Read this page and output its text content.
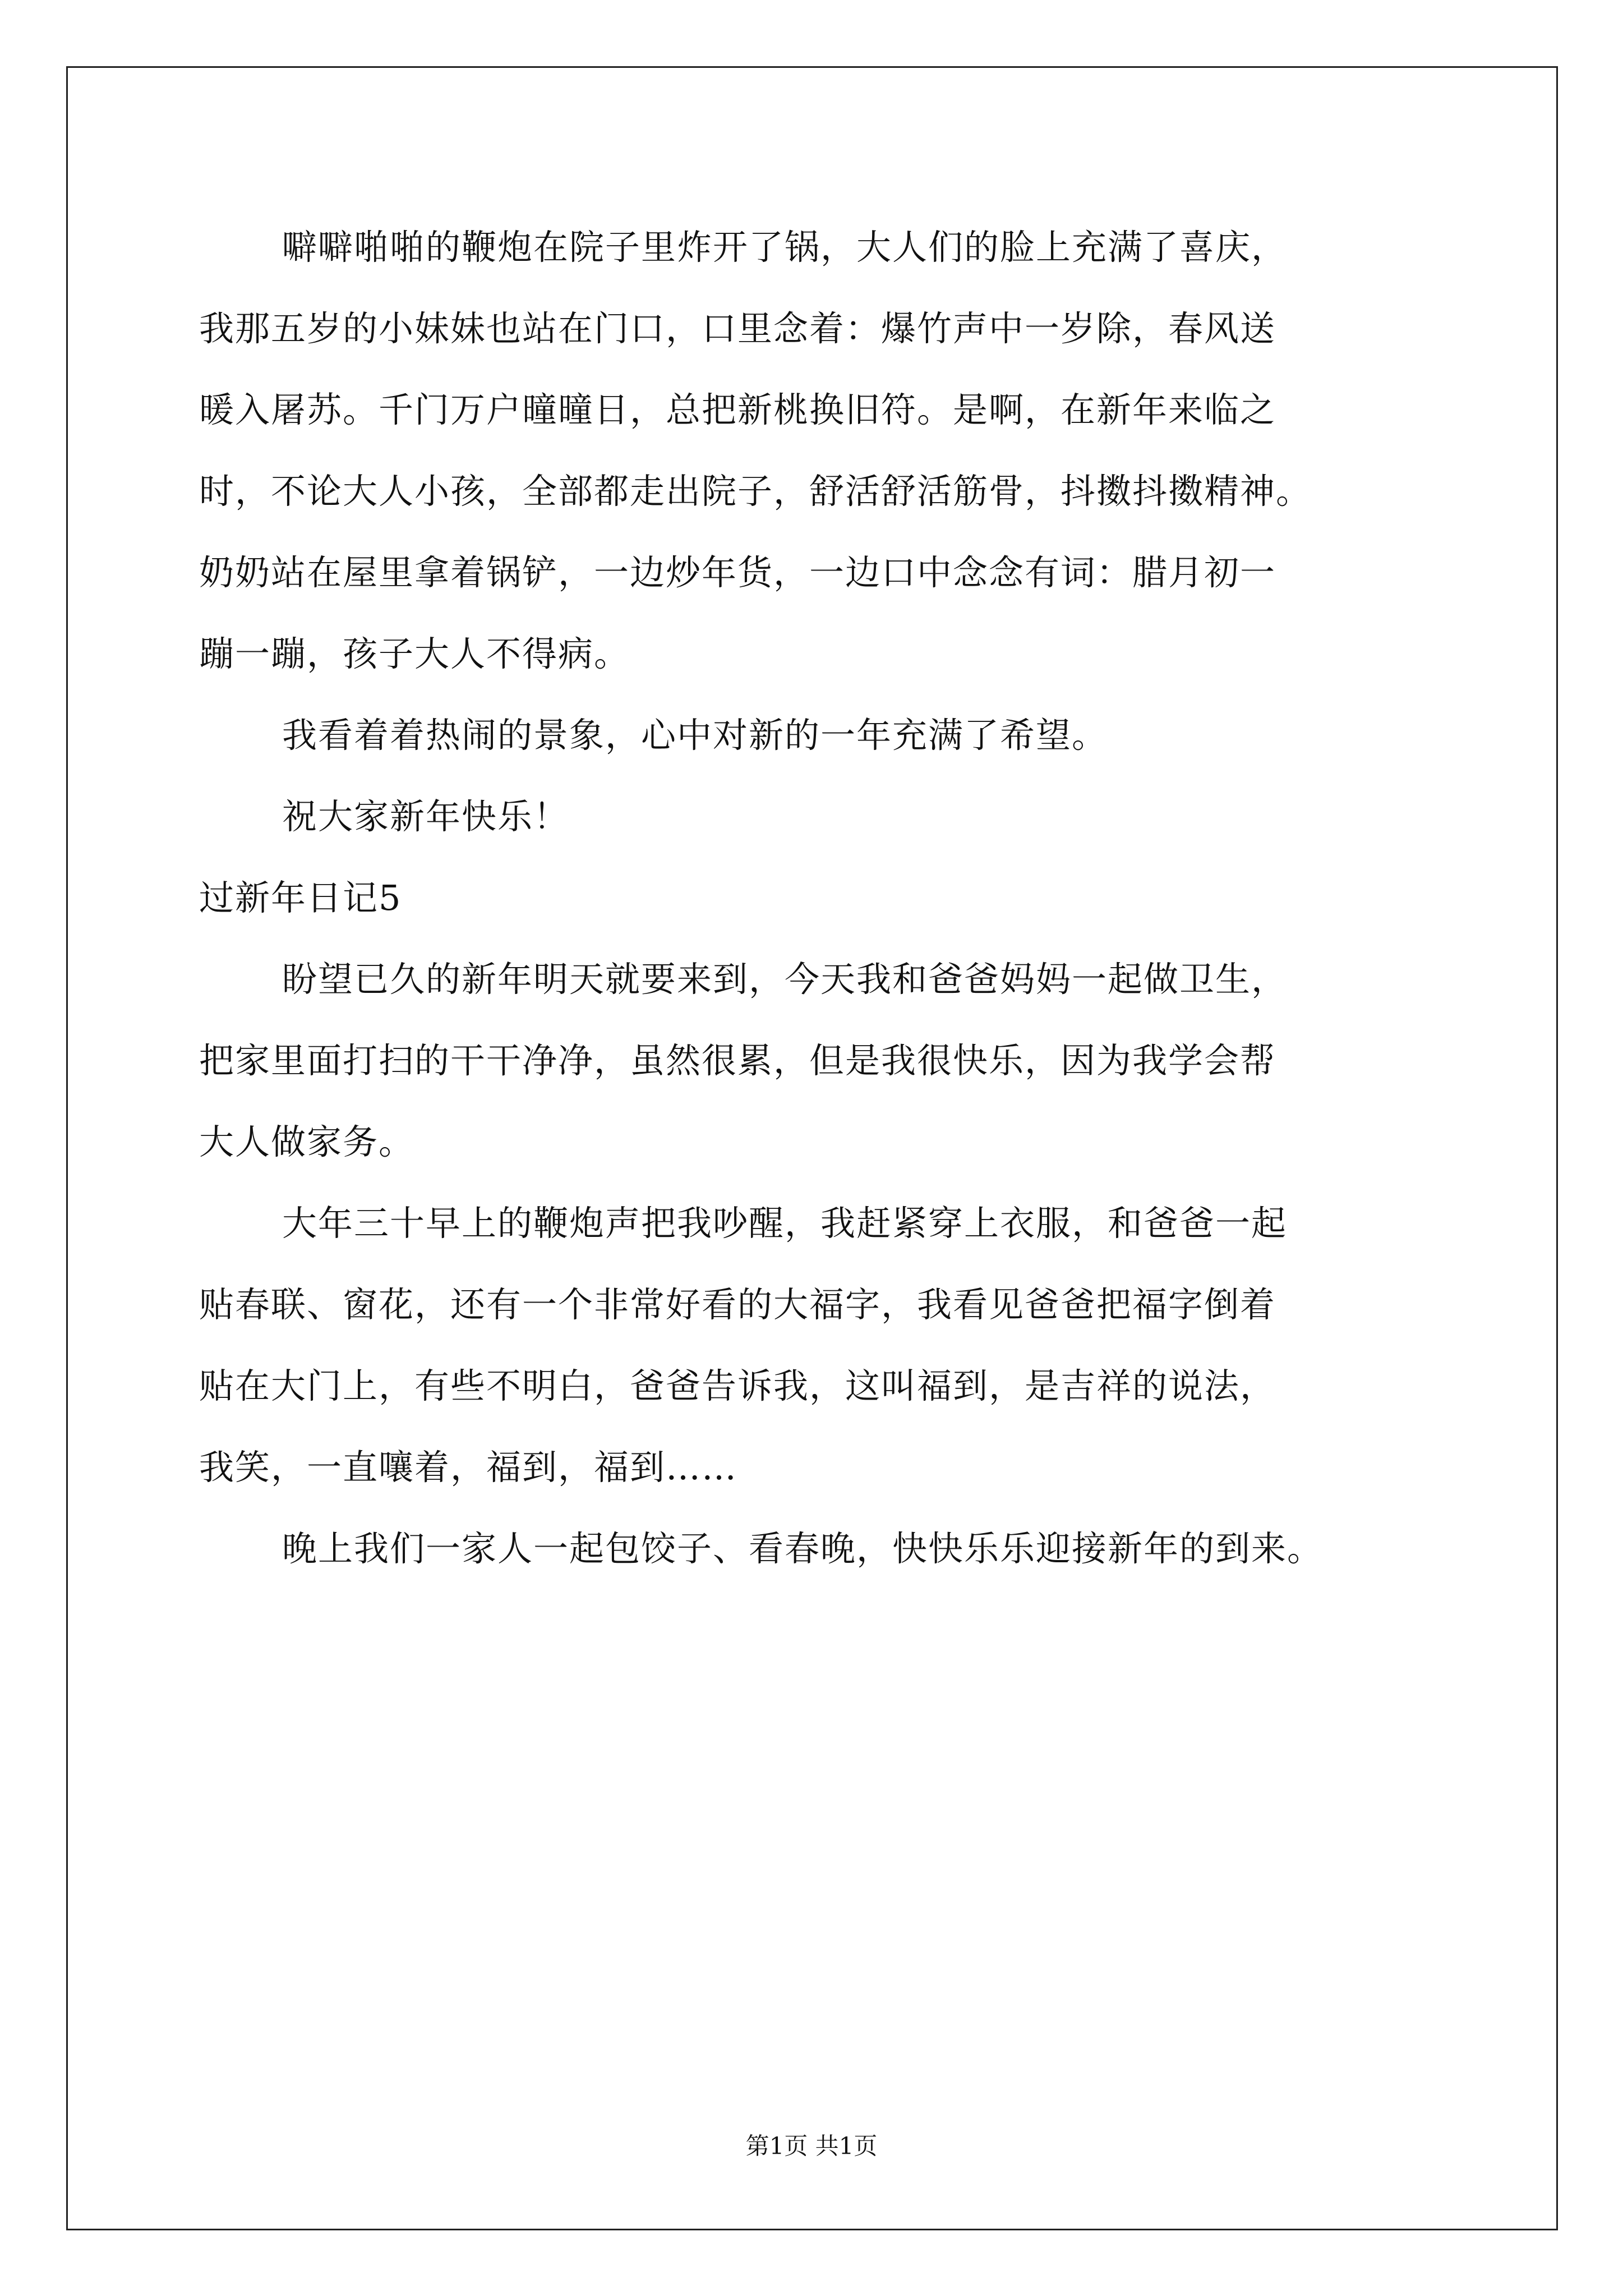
噼噼啪啪的鞭炮在院子里炸开了锅，大人们的脸上充满了喜庆，
我那五岁的小妹妹也站在门口，口里念着：爆竹声中一岁除，春风送
暖入屠苏。千门万户曈曈日，总把新桃换旧符。是啊，在新年来临之
时，不论大人小孩，全部都走出院子，舒活舒活筋骨，抖擞抖擞精神。
奶奶站在屋里拿着锅铲，一边炒年货，一边口中念念有词：腊月初一
蹦一蹦，孩子大人不得病。
我看着着热闹的景象，心中对新的一年充满了希望。
祝大家新年快乐！
过新年日记5
盼望已久的新年明天就要来到，今天我和爸爸妈妈一起做卫生，
把家里面打扫的干干净净，虽然很累，但是我很快乐，因为我学会帮
大人做家务。
大年三十早上的鞭炮声把我吵醒，我赶紧穿上衣服，和爸爸一起
贴春联、窗花，还有一个非常好看的大福字，我看见爸爸把福字倒着
贴在大门上，有些不明白，爸爸告诉我，这叫福到，是吉祥的说法，
我笑，一直嚷着，福到，福到……
晚上我们一家人一起包饺子、看春晚，快快乐乐迎接新年的到来。
第1页 共1页
